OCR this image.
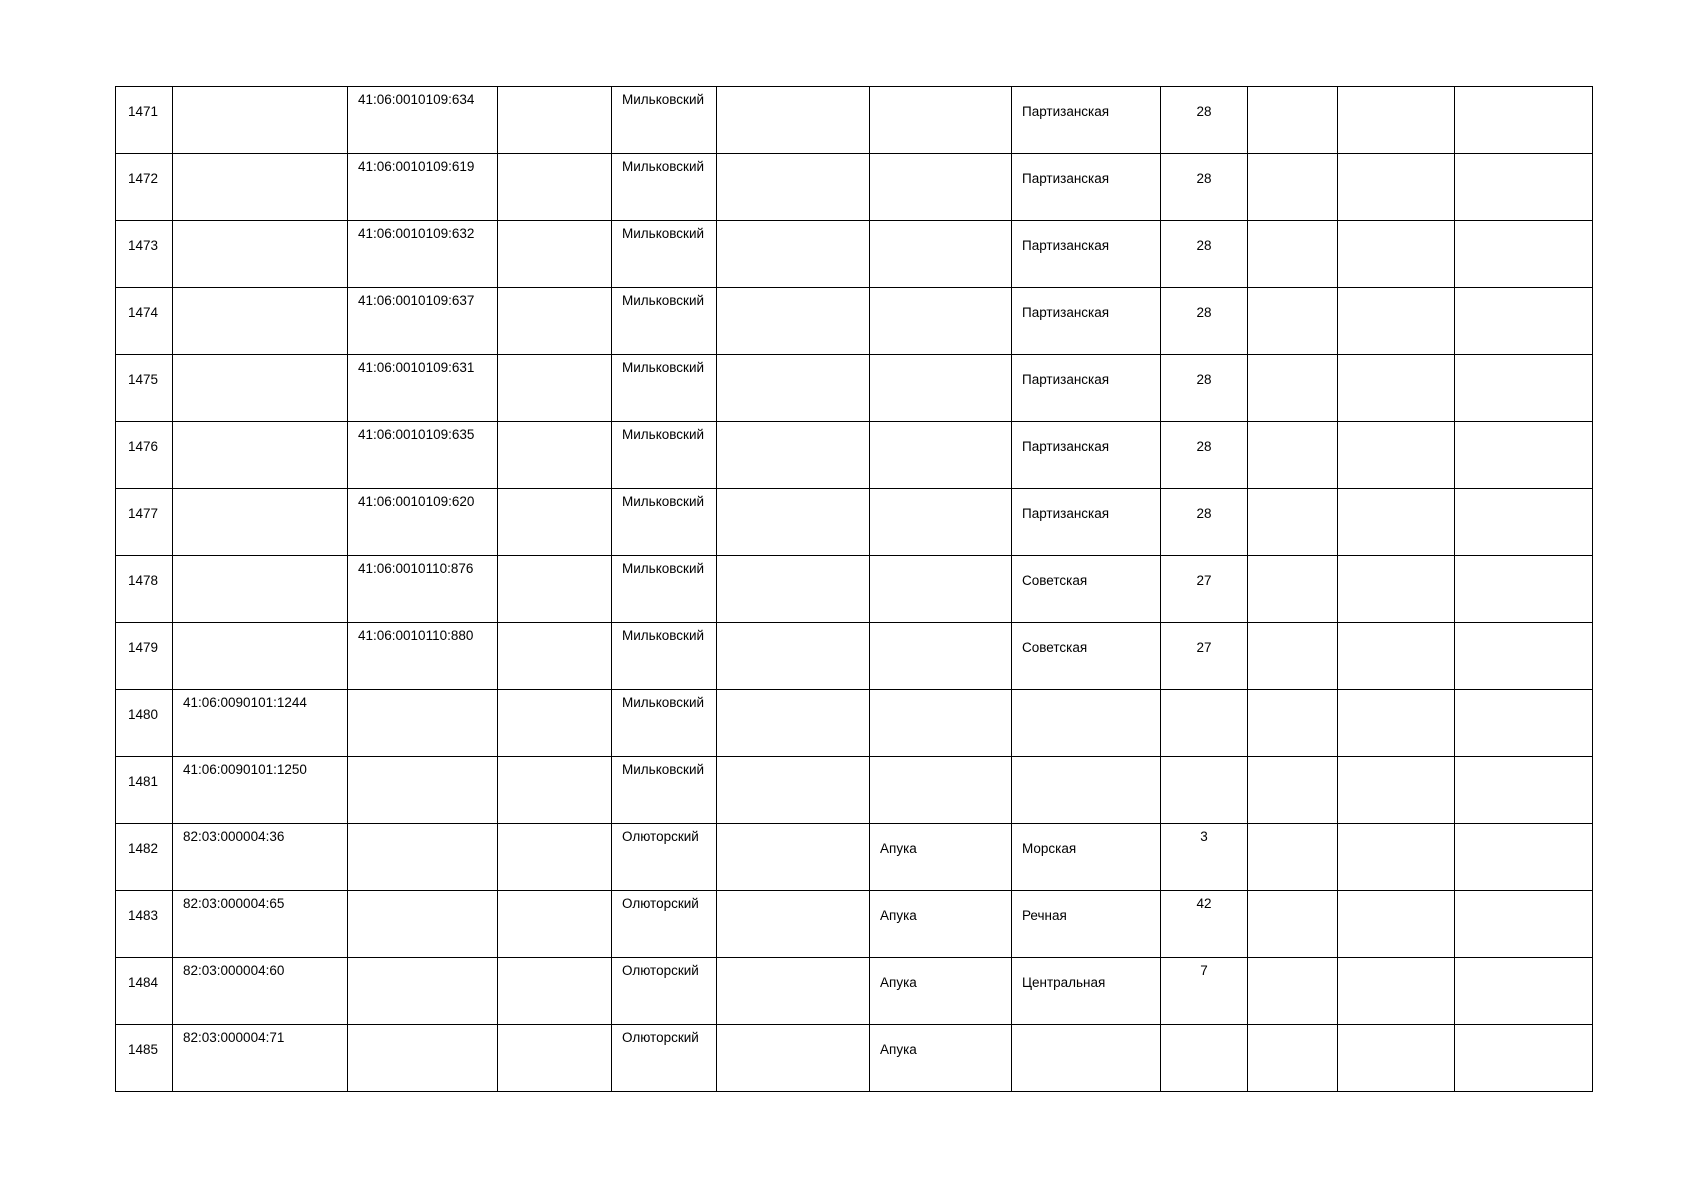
1471		41:06:0010109:634		Мильковский			Партизанская	28			

1472		41:06:0010109:619		Мильковский			Партизанская	28			

1473		41:06:0010109:632		Мильковский			Партизанская	28			

1474		41:06:0010109:637		Мильковский			Партизанская	28			

1475		41:06:0010109:631		Мильковский			Партизанская	28			

1476		41:06:0010109:635		Мильковский			Партизанская	28			

1477		41:06:0010109:620		Мильковский			Партизанская	28			

1478		41:06:0010110:876		Мильковский			Советская	27			

1479		41:06:0010110:880		Мильковский			Советская	27			

1480	41:06:0090101:1244			Мильковский							

1481	41:06:0090101:1250			Мильковский							

1482	82:03:000004:36			Олюторский		Апука	Морская	3			

1483	82:03:000004:65			Олюторский		Апука	Речная	42			

1484	82:03:000004:60			Олюторский		Апука	Центральная	7			

1485	82:03:000004:71			Олюторский		Апука					
